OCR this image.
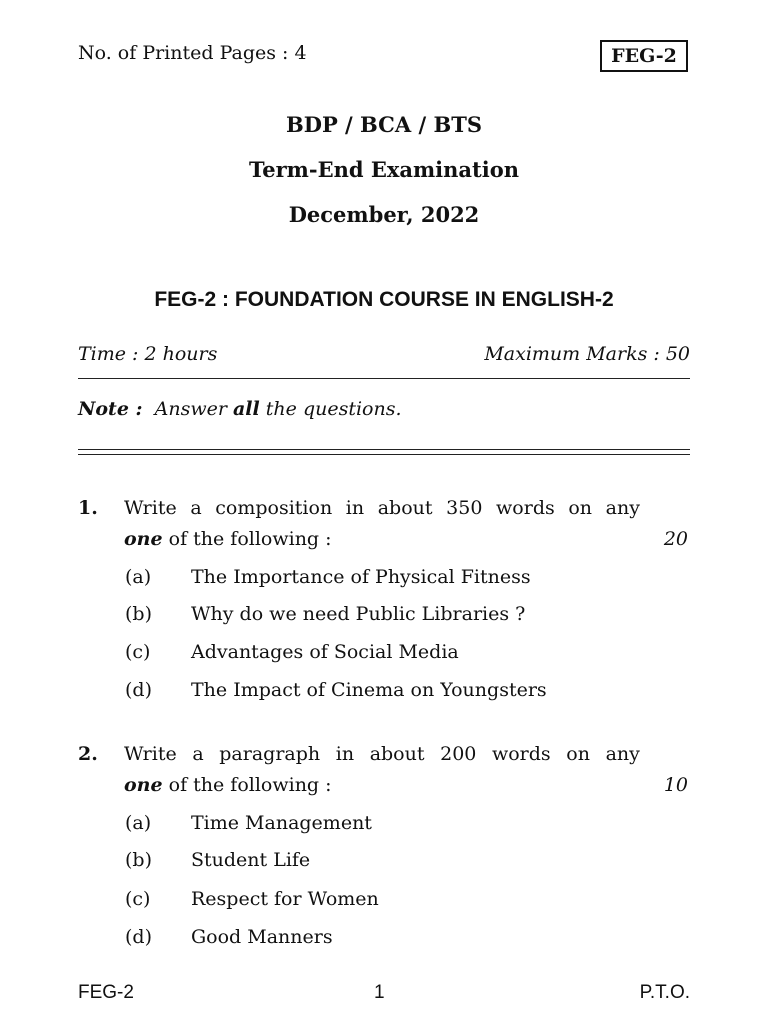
No. of Printed Pages : 4	FEG-2
BDP / BCA / BTS
Term-End Examination
December, 2022
FEG-2 : FOUNDATION COURSE IN ENGLISH-2
Time : 2 hours	Maximum Marks : 50
Note : Answer all the questions.
1. Write a composition in about 350 words on any
one of the following :	20
(a) The Importance of Physical Fitness
(b) Why do we need Public Libraries ?
(c) Advantages of Social Media
(d) The Impact of Cinema on Youngsters
2. Write a paragraph in about 200 words on any
one of the following :	10
(a) Time Management
(b) Student Life
(c) Respect for Women
(d) Good Manners
FEG-2	1	P.T.O.
